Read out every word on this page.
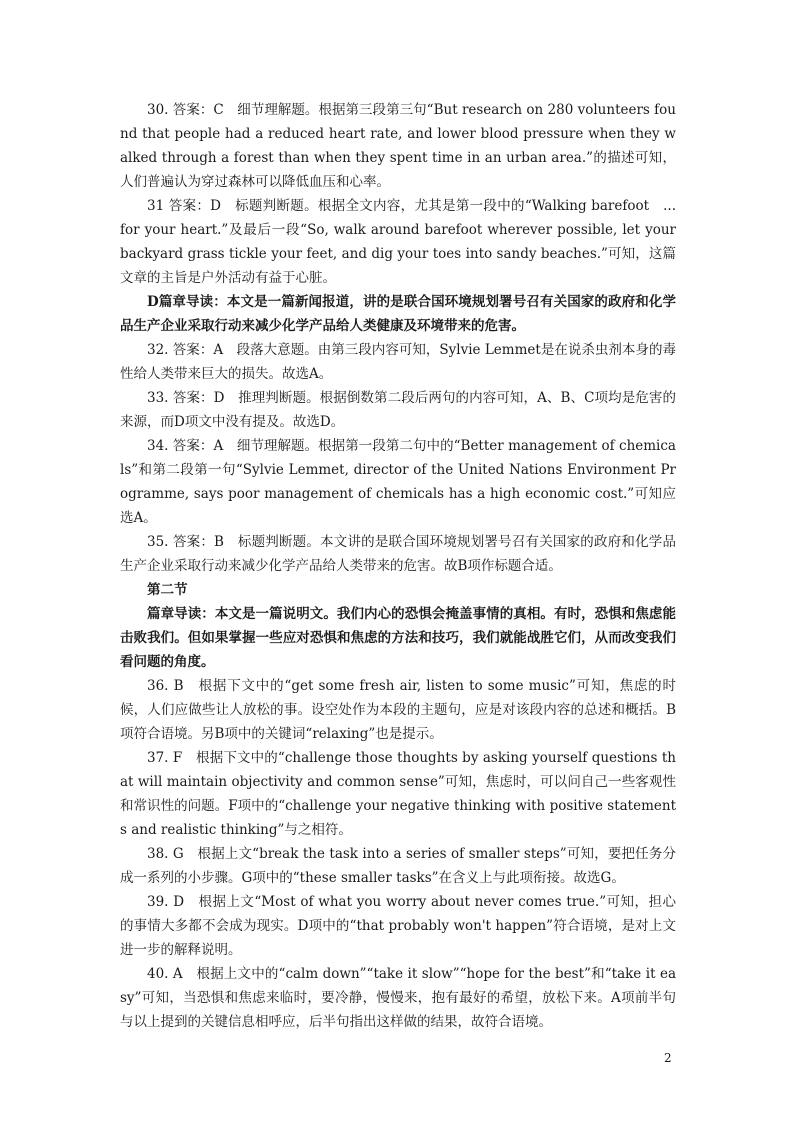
30. 答案：C　细节理解题。根据第三段第三句“But research on 280 volunteers found that people had a reduced heart rate, and lower blood pressure when they walked through a forest than when they spent time in an urban area.”的描述可知，人们普遍认为穿过森林可以降低血压和心率。

31 答案：D　标题判断题。根据全文内容，尤其是第一段中的“Walking barefoot　... for your heart.”及最后一段“So, walk around barefoot wherever possible, let your backyard grass tickle your feet, and dig your toes into sandy beaches.”可知，这篇文章的主旨是户外活动有益于心脏。

D篇章导读：本文是一篇新闻报道，讲的是联合国环境规划署号召有关国家的政府和化学品生产企业采取行动来减少化学产品给人类健康及环境带来的危害。

32. 答案：A　段落大意题。由第三段内容可知，Sylvie Lemmet是在说杀虫剂本身的毒性给人类带来巨大的损失。故选A。

33. 答案：D　推理判断题。根据倒数第二段后两句的内容可知，A、B、C项均是危害的来源，而D项文中没有提及。故选D。

34. 答案：A　细节理解题。根据第一段第二句中的“Better management of chemicals”和第二段第一句“Sylvie Lemmet, director of the United Nations Environment Programme, says poor management of chemicals has a high economic cost.”可知应选A。

35. 答案：B　标题判断题。本文讲的是联合国环境规划署号召有关国家的政府和化学品生产企业采取行动来减少化学产品给人类带来的危害。故B项作标题合适。

第二节

篇章导读：本文是一篇说明文。我们内心的恐惧会掩盖事情的真相。有时，恐惧和焦虑能击败我们。但如果掌握一些应对恐惧和焦虑的方法和技巧，我们就能战胜它们，从而改变我们看问题的角度。

36. B　根据下文中的“get some fresh air, listen to some music”可知，焦虑的时候，人们应做些让人放松的事。设空处作为本段的主题句，应是对该段内容的总述和概括。B项符合语境。另B项中的关键词“relaxing”也是提示。

37. F　根据下文中的“challenge those thoughts by asking yourself questions that will maintain objectivity and common sense”可知，焦虑时，可以问自己一些客观性和常识性的问题。F项中的“challenge your negative thinking with positive statements and realistic thinking”与之相符。

38. G　根据上文“break the task into a series of smaller steps”可知，要把任务分成一系列的小步骤。G项中的“these smaller tasks”在含义上与此项衔接。故选G。

39. D　根据上文“Most of what you worry about never comes true.”可知，担心的事情大多都不会成为现实。D项中的“that probably won't happen”符合语境，是对上文进一步的解释说明。

40. A　根据上文中的“calm down”“take it slow”“hope for the best”和“take it easy”可知，当恐惧和焦虑来临时，要冷静，慢慢来，抱有最好的希望，放松下来。A项前半句与以上提到的关键信息相呼应，后半句指出这样做的结果，故符合语境。

2
